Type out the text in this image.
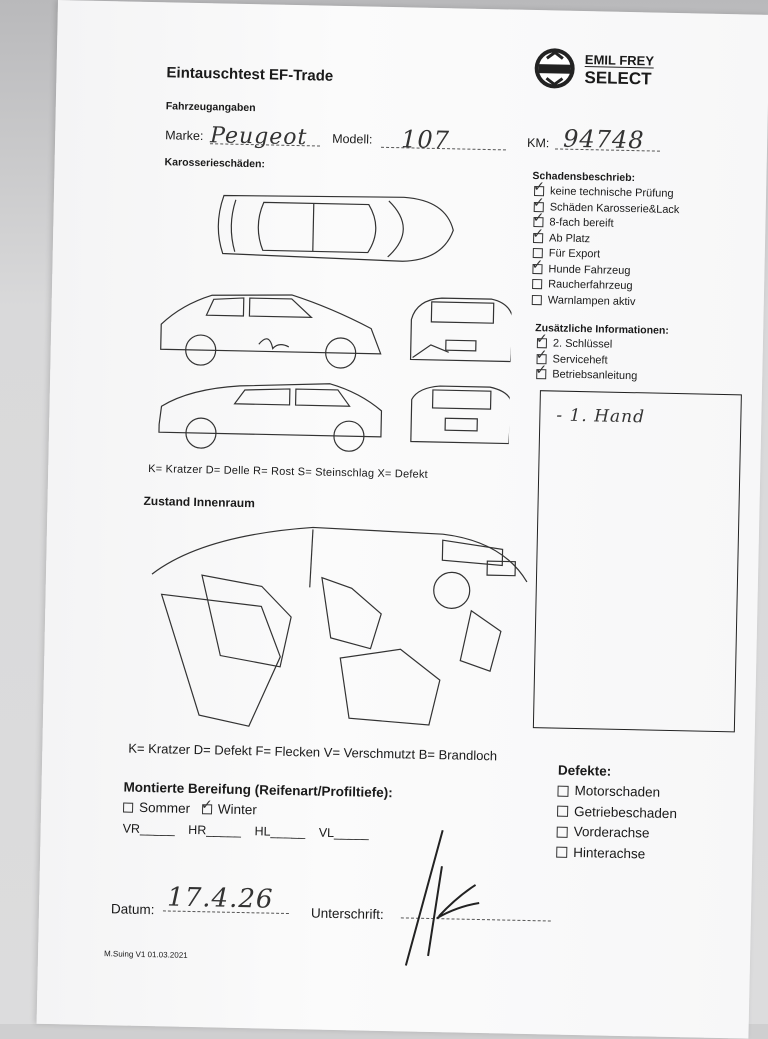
Eintauschtest EF-Trade
EMIL FREY
SELECT
Fahrzeugangaben
Marke: Peugeot	Modell:	107	KM: 94748
Karosserieschäden:
K= Kratzer D= Delle R= Rost S= Steinschlag X= Defekt
Schadensbeschrieb:
✓keine technische Prüfung
✓Schäden Karosserie&Lack
✓8-fach bereift
✓Ab Platz
Für Export
✓Hunde Fahrzeug
Raucherfahrzeug
Warnlampen aktiv
Zusätzliche Informationen:
✓2. Schlüssel
✓Serviceheft
✓Betriebsanleitung
- 1. Hand
Zustand Innenraum
K= Kratzer D= Defekt F= Flecken V= Verschmutzt B= Brandloch
Montierte Bereifung (Reifenart/Profiltiefe):
Sommer ✓ Winter
VR_____ HR_____ HL_____ VL_____
Defekte:
Motorschaden
Getriebeschaden
Vorderachse
Hinterachse
Datum: 17.4.26	Unterschrift:
M.Suing V1 01.03.2021
